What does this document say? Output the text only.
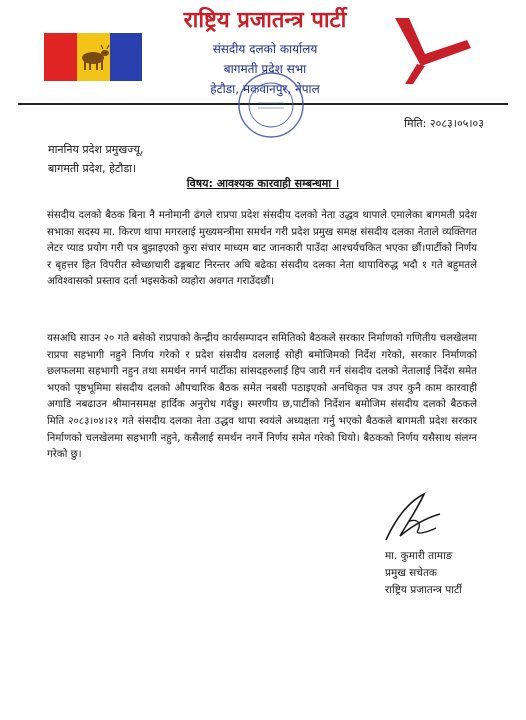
राष्ट्रिय प्रजातन्त्र पार्टी
संसदीय दलको कार्यालय
बागमती प्रदेश सभा
हेटौडा, मकवानपुर, नेपाल
मिति: २०८३।०५।०३
माननिय प्रदेश प्रमुखज्यू,
बागमती प्रदेश, हेटौडा।
विषय: आवश्यक कारवाही सम्बन्धमा ।
संसदीय दलको बैठक बिना नै मनोमानी ढंगले राप्रपा प्रदेश संसदीय दलको नेता उद्धव थापाले एमालेका बागमती प्रदेश सभाका सदस्य मा. किरण थापा मगरलाई मुख्यमन्त्रीमा समर्थन गरी प्रदेश प्रमुख समक्ष संसदीय दलका नेताले व्यक्तिगत लेटर प्याड प्रयोग गरी पत्र बुझाइएको कुरा संचार माध्यम बाट जानकारी पाउँदा आश्चर्यचकित भएका छौं।पार्टीको निर्णय र बृहत्तर हित विपरीत स्वेच्छाचारी ढङ्गबाट निरन्तर अघि बढेका संसदीय दलका नेता थापाविरुद्ध भदौ १ गते बहुमतले अविश्वासको प्रस्ताव दर्ता भइसकेको व्यहोरा अवगत गराउँदछौं।
यसअघि साउन २० गते बसेको राप्रपाको केन्द्रीय कार्यसम्पादन समितिको बैठकले सरकार निर्माणको गणितीय चलखेलमा राप्रपा सहभागी नहुने निर्णय गरेको र प्रदेश संसदीय दललाई सोही बमोजिमको निर्देश गरेको, सरकार निर्माणको छलफलमा सहभागी नहुन तथा समर्थन नगर्न पार्टीका सांसदहरुलाई हिप जारी गर्न संसदीय दलको नेतालाई निर्देश समेत भएको पृष्ठभूमिमा संसदीय दलको औपचारिक बैठक समेत नबसी पठाइएको अनधिकृत पत्र उपर कुनै काम कारवाही अगाडि नबढाउन श्रीमानसमक्ष हार्दिक अनुरोध गर्दछु। स्मरणीय छ,पार्टीको निर्देशन बमोजिम संसदीय दलको बैठकले मिति २०८३।०४।२१ गते संसदीय दलका नेता उद्धव थापा स्वयंले अध्यक्षता गर्नु भएको बैठकले बागमती प्रदेश सरकार निर्माणको चलखेलमा सहभागी नहुने, कसैलाई समर्थन नगर्ने निर्णय समेत गरेको थियो। बैठकको निर्णय यसैसाथ संलग्न गरेको छु।
मा. कुमारी तामाङ
प्रमुख सचेतक
राष्ट्रिय प्रजातन्त्र पार्टी
